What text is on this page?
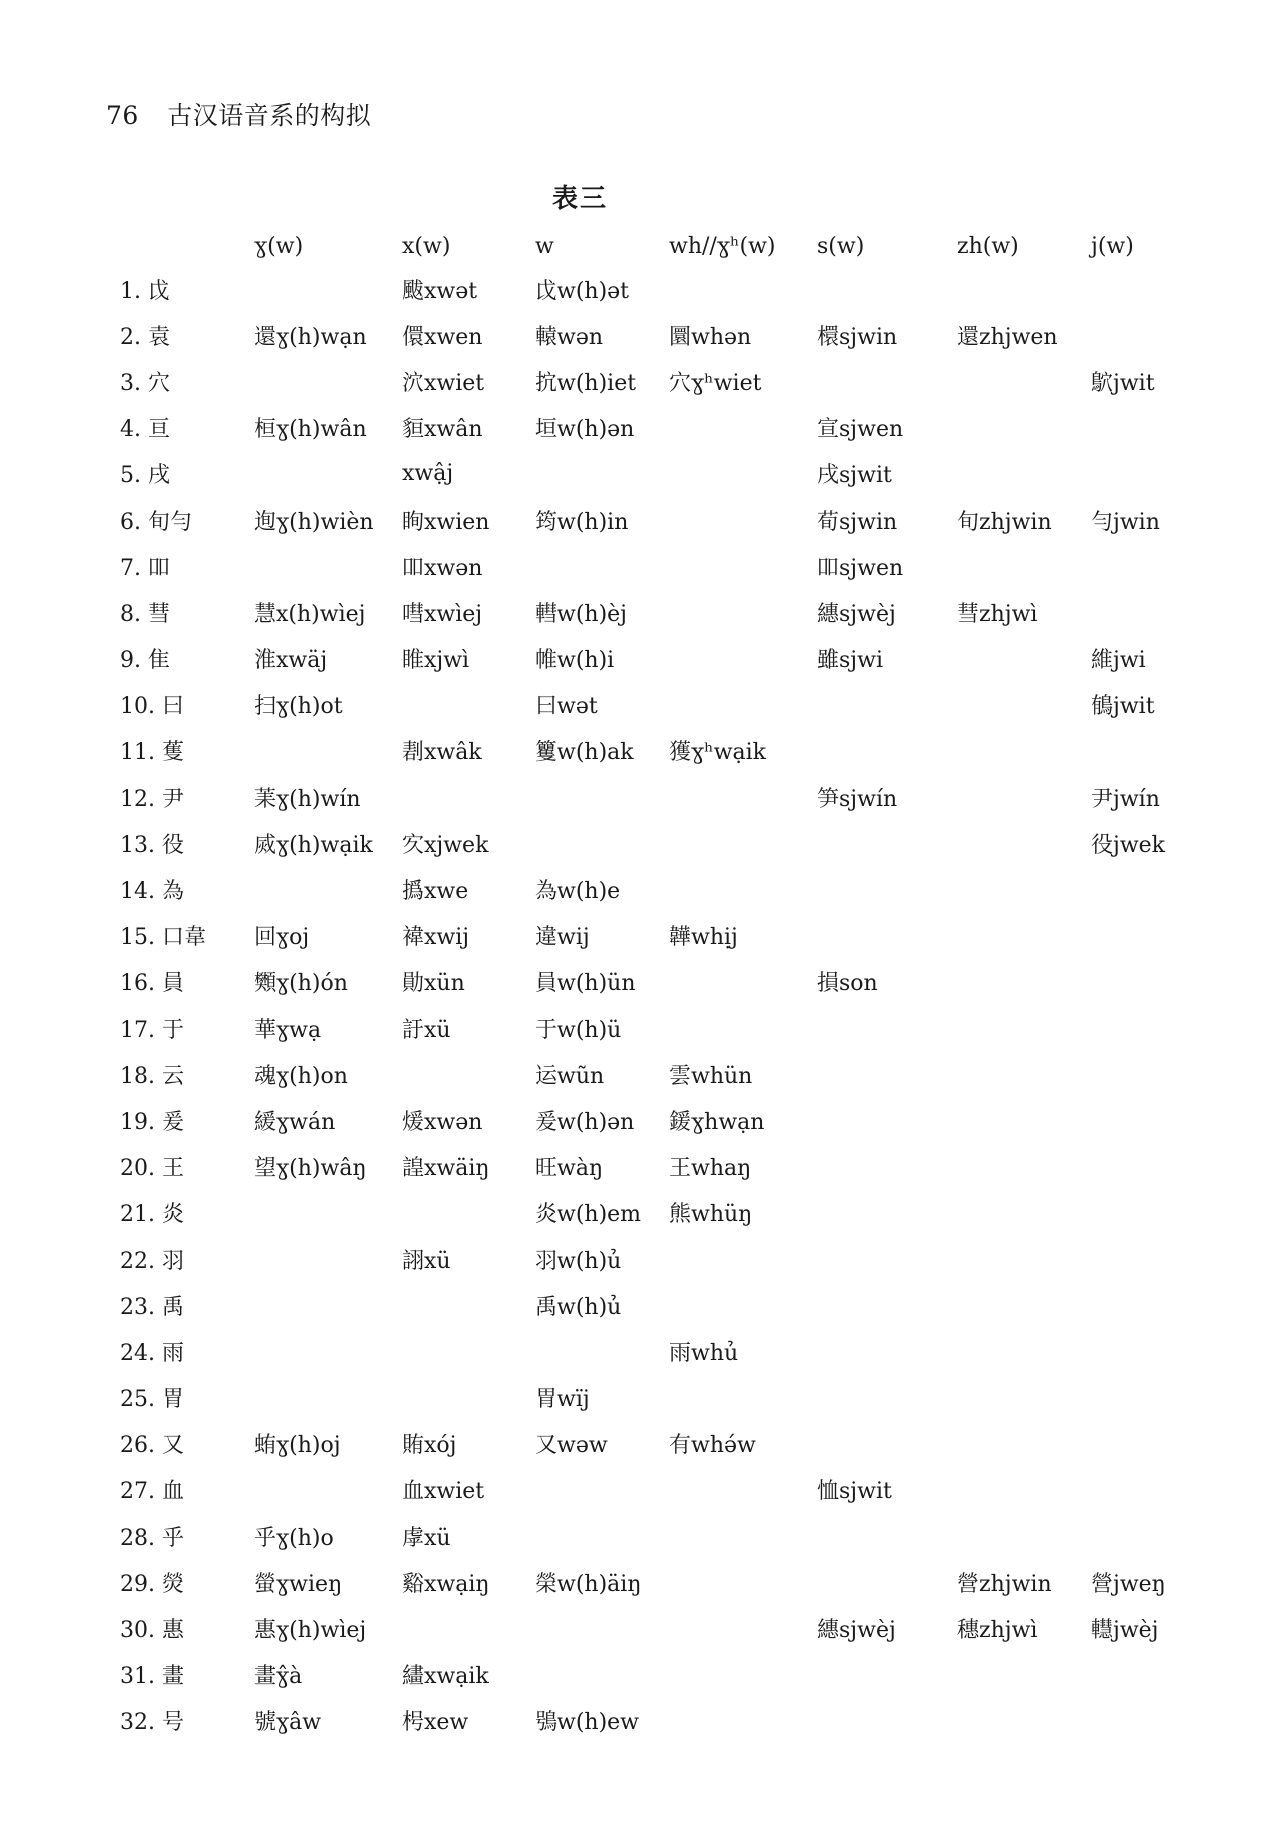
76 古汉语音系的构拟
表三
	ɣ(w)	x(w)	w	wh//ɣʰ(w)	s(w)	zh(w)	j(w)
1. 戉		颰xwət	戉w(h)ət				
2. 袁	還ɣ(h)wạn	儇xwen	轅wən	圜whən	檈sjwin	還zhjwen	
3. 穴		泬xwiet	抭w(h)iet	穴ɣʰwiet			鴥jwit
4. 亘	桓ɣ(h)wân	貆xwân	垣w(h)ən		宣sjwen		
5. 戌		xwậj			戌sjwit		
6. 旬勻	迿ɣ(h)wièn	眴xwien	筠w(h)in		荀sjwin	旬zhjwin	勻jwin
7. 吅		吅xwən			吅sjwen		
8. 彗	慧x(h)wìej	嘒xwìej	轊w(h)èj		繐sjwèj	彗zhjwì	
9. 隹	淮xwäj	睢xjwì	帷w(h)i		雖sjwi		維jwi
10. 曰	扫ɣ(h)ot		曰wət				䳑jwit
11. 蒦		剨xwâk	籰w(h)ak	獲ɣʰwạik			
12. 尹	䒹ɣ(h)wín				笋sjwín		尹jwín
13. 役	烕ɣ(h)wạik	㝌xjwek					役jwek
14. 為		撝xwe	為w(h)e				
15. 口韋	回ɣoj	褘xwij	違wij	韡whịj			
16. 員	䫶ɣ(h)ón	勛xün	員w(h)ün		損son		
17. 于	華ɣwạ	訏xü	于w(h)ü				
18. 云	魂ɣ(h)on		运wũn	雲whün			
19. 爰	緩ɣwán	煖xwən	爰w(h)ən	鍰ɣhwạn			
20. 王	望ɣ(h)wâŋ	諻xwäiŋ	旺wàŋ	王whaŋ			
21. 炎			炎w(h)em	熊whüŋ			
22. 羽		詡xü	羽w(h)ủ				
23. 禹			禹w(h)ủ				
24. 雨				雨whủ			
25. 胃			胃wïj				
26. 又	蛕ɣ(h)oj	賄xój	又wəw	有whə́w			
27. 血		血xwiet			恤sjwit		
28. 乎	乎ɣ(h)o	虖xü					
29. 熒	螢ɣwieŋ	谿xwạiŋ	榮w(h)äiŋ			營zhjwin	營jweŋ
30. 惠	惠ɣ(h)wìej				繐sjwèj	穗zhjwì	䡺jwèj
31. 畫	畫ɣ̂à	繣xwạik					
32. 号	號ɣâw	枵xew	鴞w(h)ew				
